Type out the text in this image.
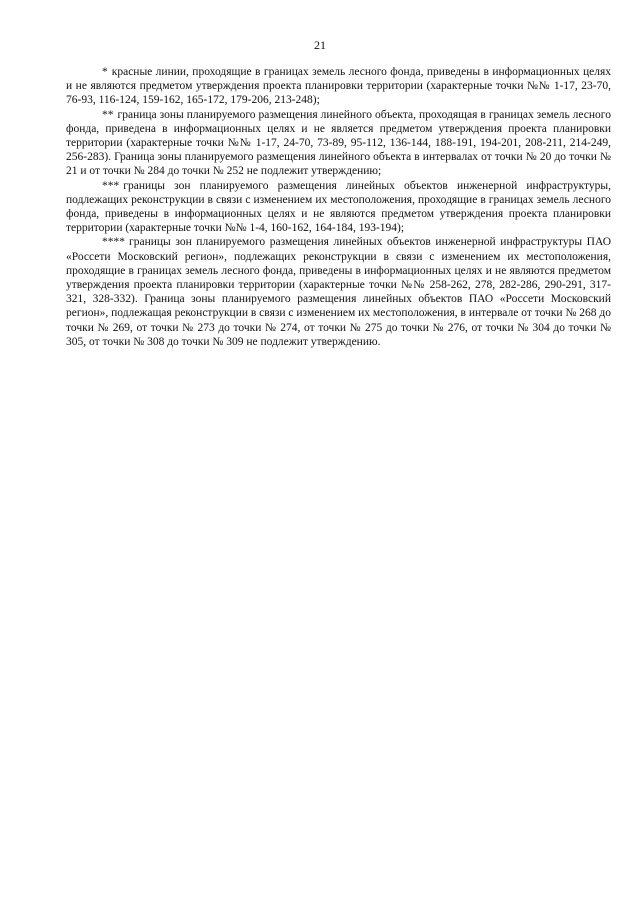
21

* красные линии, проходящие в границах земель лесного фонда, приведены в информационных целях и не являются предметом утверждения проекта планировки территории (характерные точки №№ 1-17, 23-70, 76-93, 116-124, 159-162, 165-172, 179-206, 213-248);

** граница зоны планируемого размещения линейного объекта, проходящая в границах земель лесного фонда, приведена в информационных целях и не является предметом утверждения проекта планировки территории (характерные точки №№ 1-17, 24-70, 73-89, 95-112, 136-144, 188-191, 194-201, 208-211, 214-249, 256-283). Граница зоны планируемого размещения линейного объекта в интервалах от точки № 20 до точки № 21 и от точки № 284 до точки № 252 не подлежит утверждению;

*** границы зон планируемого размещения линейных объектов инженерной инфраструктуры, подлежащих реконструкции в связи с изменением их местоположения, проходящие в границах земель лесного фонда, приведены в информационных целях и не являются предметом утверждения проекта планировки территории (характерные точки №№ 1-4, 160-162, 164-184, 193-194);

**** границы зон планируемого размещения линейных объектов инженерной инфраструктуры ПАО «Россети Московский регион», подлежащих реконструкции в связи с изменением их местоположения, проходящие в границах земель лесного фонда, приведены в информационных целях и не являются предметом утверждения проекта планировки территории (характерные точки №№ 258-262, 278, 282-286, 290-291, 317-321, 328-332). Граница зоны планируемого размещения линейных объектов ПАО «Россети Московский регион», подлежащая реконструкции в связи с изменением их местоположения, в интервале от точки № 268 до точки № 269, от точки № 273 до точки № 274, от точки № 275 до точки № 276, от точки № 304 до точки № 305, от точки № 308 до точки № 309 не подлежит утверждению.
